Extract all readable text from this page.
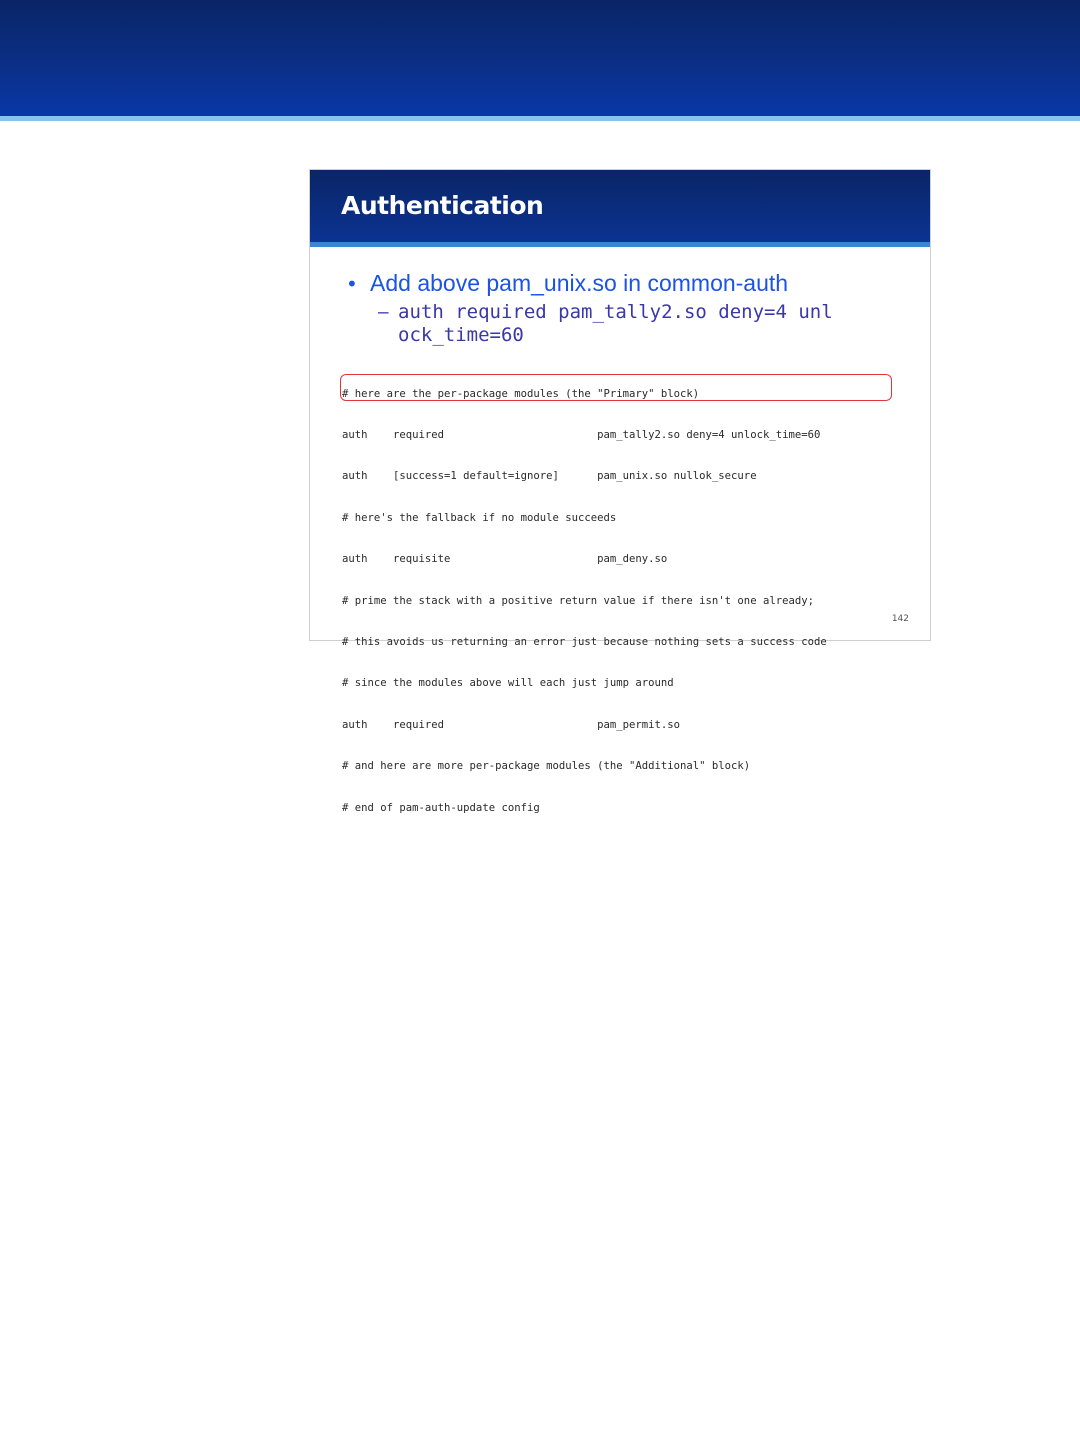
Authentication
• Add above pam_unix.so in common-auth
– auth required pam_tally2.so deny=4 unlock_time=60

# here are the per-package modules (the "Primary" block)

auth    required                        pam_tally2.so deny=4 unlock_time=60

auth    [success=1 default=ignore]      pam_unix.so nullok_secure

# here's the fallback if no module succeeds

auth    requisite                       pam_deny.so

# prime the stack with a positive return value if there isn't one already;

# this avoids us returning an error just because nothing sets a success code

# since the modules above will each just jump around

auth    required                        pam_permit.so

# and here are more per-package modules (the "Additional" block)

# end of pam-auth-update config

142
